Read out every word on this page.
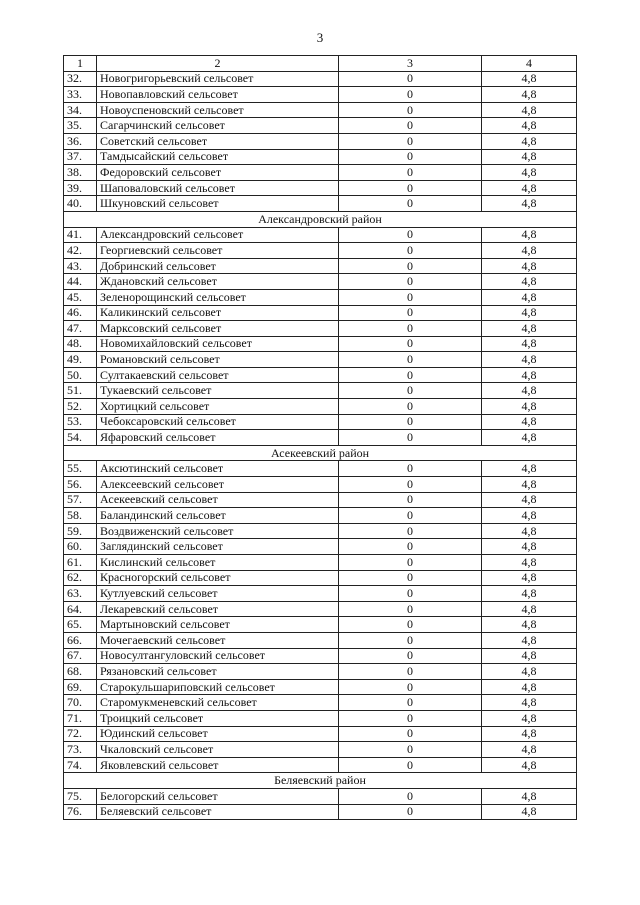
3
1	2	3	4
32.	Новогригорьевский сельсовет	0	4,8
33.	Новопавловский сельсовет	0	4,8
34.	Новоуспеновский сельсовет	0	4,8
35.	Сагарчинский сельсовет	0	4,8
36.	Советский сельсовет	0	4,8
37.	Тамдысайский сельсовет	0	4,8
38.	Федоровский сельсовет	0	4,8
39.	Шаповаловский сельсовет	0	4,8
40.	Шкуновский сельсовет	0	4,8
Александровский район			
41.	Александровский сельсовет	0	4,8
42.	Георгиевский сельсовет	0	4,8
43.	Добринский сельсовет	0	4,8
44.	Ждановский сельсовет	0	4,8
45.	Зеленорощинский сельсовет	0	4,8
46.	Каликинский сельсовет	0	4,8
47.	Марксовский сельсовет	0	4,8
48.	Новомихайловский сельсовет	0	4,8
49.	Романовский сельсовет	0	4,8
50.	Султакаевский сельсовет	0	4,8
51.	Тукаевский сельсовет	0	4,8
52.	Хортицкий сельсовет	0	4,8
53.	Чебоксаровский сельсовет	0	4,8
54.	Яфаровский сельсовет	0	4,8
Асекеевский район			
55.	Аксютинский сельсовет	0	4,8
56.	Алексеевский сельсовет	0	4,8
57.	Асекеевский сельсовет	0	4,8
58.	Баландинский сельсовет	0	4,8
59.	Воздвиженский сельсовет	0	4,8
60.	Заглядинский сельсовет	0	4,8
61.	Кислинский сельсовет	0	4,8
62.	Красногорский сельсовет	0	4,8
63.	Кутлуевский сельсовет	0	4,8
64.	Лекаревский сельсовет	0	4,8
65.	Мартыновский сельсовет	0	4,8
66.	Мочегаевский сельсовет	0	4,8
67.	Новосултангуловский сельсовет	0	4,8
68.	Рязановский сельсовет	0	4,8
69.	Старокульшариповский сельсовет	0	4,8
70.	Старомукменевский сельсовет	0	4,8
71.	Троицкий сельсовет	0	4,8
72.	Юдинский сельсовет	0	4,8
73.	Чкаловский сельсовет	0	4,8
74.	Яковлевский сельсовет	0	4,8
Беляевский район			
75.	Белогорский сельсовет	0	4,8
76.	Беляевский сельсовет	0	4,8
